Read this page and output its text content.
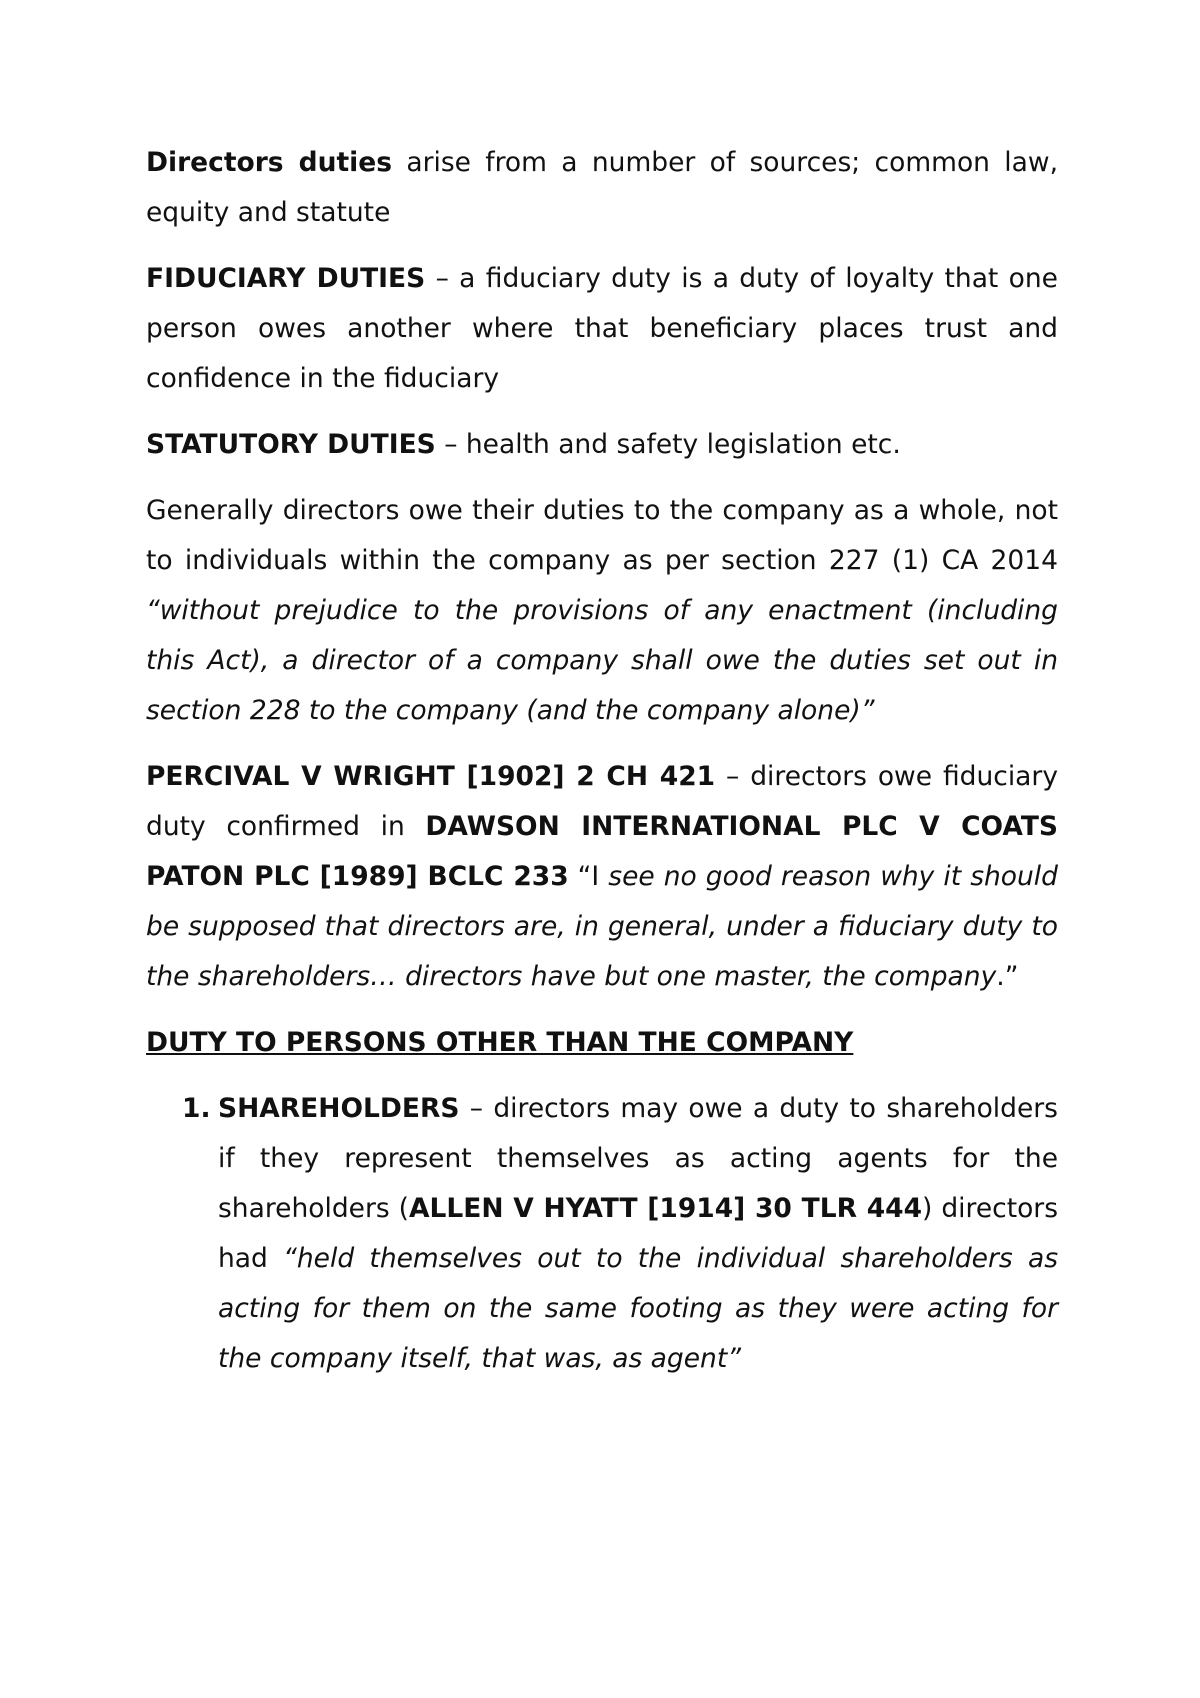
Directors duties arise from a number of sources; common law, equity and statute

FIDUCIARY DUTIES – a fiduciary duty is a duty of loyalty that one person owes another where that beneficiary places trust and confidence in the fiduciary

STATUTORY DUTIES – health and safety legislation etc.

Generally directors owe their duties to the company as a whole, not to individuals within the company as per section 227 (1) CA 2014 “without prejudice to the provisions of any enactment (including this Act), a director of a company shall owe the duties set out in section 228 to the company (and the company alone)”

PERCIVAL V WRIGHT [1902] 2 CH 421 – directors owe fiduciary duty confirmed in DAWSON INTERNATIONAL PLC V COATS PATON PLC [1989] BCLC 233 “I see no good reason why it should be supposed that directors are, in general, under a fiduciary duty to the shareholders… directors have but one master, the company.”

DUTY TO PERSONS OTHER THAN THE COMPANY

1. SHAREHOLDERS – directors may owe a duty to shareholders if they represent themselves as acting agents for the shareholders (ALLEN V HYATT [1914] 30 TLR 444) directors had “held themselves out to the individual shareholders as acting for them on the same footing as they were acting for the company itself, that was, as agent”
